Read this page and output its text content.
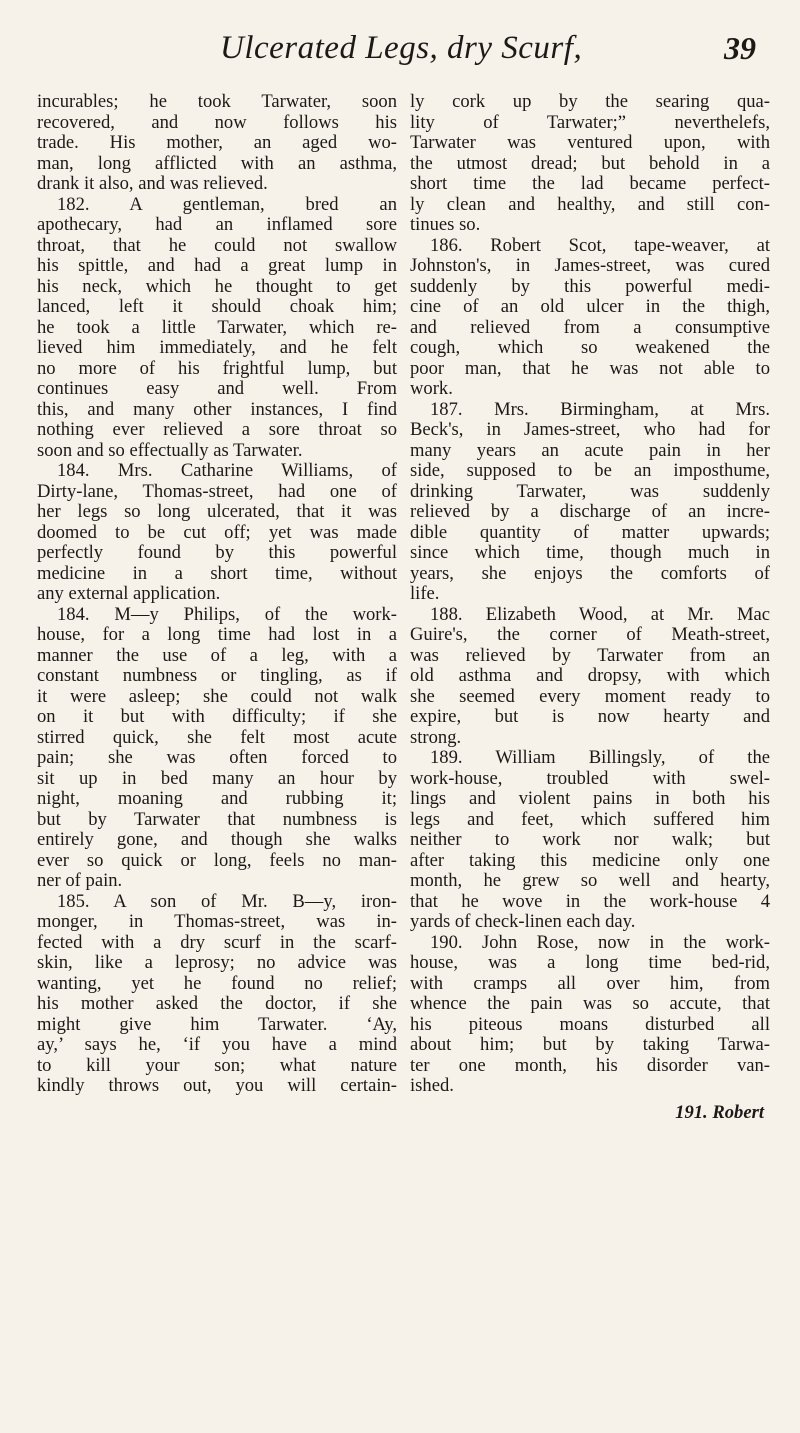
Ulcerated Legs, dry Scurf,	39
incurables; he took Tarwater, soon
recovered, and now follows his
trade. His mother, an aged wo-
man, long afflicted with an asthma,
drank it also, and was relieved.
182. A gentleman, bred an
apothecary, had an inflamed sore
throat, that he could not swallow
his spittle, and had a great lump in
his neck, which he thought to get
lanced, left it should choak him;
he took a little Tarwater, which re-
lieved him immediately, and he felt
no more of his frightful lump, but
continues easy and well. From
this, and many other instances, I find
nothing ever relieved a sore throat so
soon and so effectually as Tarwater.
184. Mrs. Catharine Williams, of
Dirty-lane, Thomas-street, had one of
her legs so long ulcerated, that it was
doomed to be cut off; yet was made
perfectly found by this powerful
medicine in a short time, without
any external application.
184. M—y Philips, of the work-
house, for a long time had lost in a
manner the use of a leg, with a
constant numbness or tingling, as if
it were asleep; she could not walk
on it but with difficulty; if she
stirred quick, she felt most acute
pain; she was often forced to
sit up in bed many an hour by
night, moaning and rubbing it;
but by Tarwater that numbness is
entirely gone, and though she walks
ever so quick or long, feels no man-
ner of pain.
185. A son of Mr. B—y, iron-
monger, in Thomas-street, was in-
fected with a dry scurf in the scarf-
skin, like a leprosy; no advice was
wanting, yet he found no relief;
his mother asked the doctor, if she
might give him Tarwater. ‘Ay,
ay,’ says he, ‘if you have a mind
to kill your son; what nature
kindly throws out, you will certain-
ly cork up by the searing qua-
lity of Tarwater;” neverthelefs,
Tarwater was ventured upon, with
the utmost dread; but behold in a
short time the lad became perfect-
ly clean and healthy, and still con-
tinues so.
186. Robert Scot, tape-weaver, at
Johnston's, in James-street, was cured
suddenly by this powerful medi-
cine of an old ulcer in the thigh,
and relieved from a consumptive
cough, which so weakened the
poor man, that he was not able to
work.
187. Mrs. Birmingham, at Mrs.
Beck's, in James-street, who had for
many years an acute pain in her
side, supposed to be an imposthume,
drinking Tarwater, was suddenly
relieved by a discharge of an incre-
dible quantity of matter upwards;
since which time, though much in
years, she enjoys the comforts of
life.
188. Elizabeth Wood, at Mr. Mac
Guire's, the corner of Meath-street,
was relieved by Tarwater from an
old asthma and dropsy, with which
she seemed every moment ready to
expire, but is now hearty and
strong.
189. William Billingsly, of the
work-house, troubled with swel-
lings and violent pains in both his
legs and feet, which suffered him
neither to work nor walk; but
after taking this medicine only one
month, he grew so well and hearty,
that he wove in the work-house 4
yards of check-linen each day.
190. John Rose, now in the work-
house, was a long time bed-rid,
with cramps all over him, from
whence the pain was so accute, that
his piteous moans disturbed all
about him; but by taking Tarwa-
ter one month, his disorder van-
ished.
191. Robert
